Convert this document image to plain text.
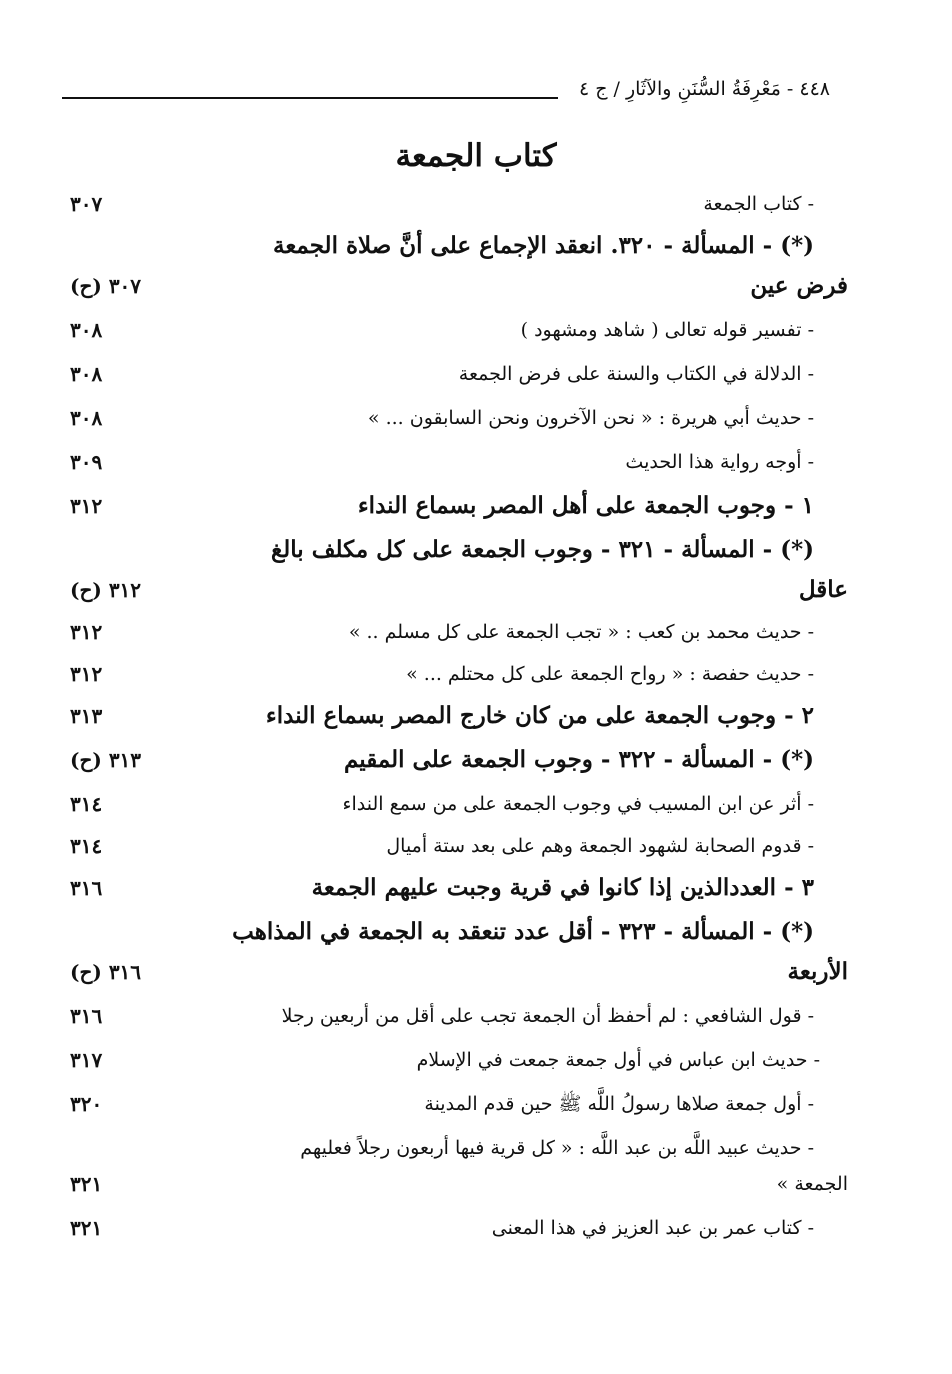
٤٤٨ - مَعْرِفَةُ السُّنَنِ والآثَارِ / ج ٤
كتاب الجمعة
- كتاب الجمعة
٣٠٧
(*) - المسألة - ٣٢٠. انعقد الإجماع على أنَّ صلاة الجمعة
فرض عين
٣٠٧ (ح)
- تفسير قوله تعالى ( شاهد ومشهود )
٣٠٨
- الدلالة في الكتاب والسنة على فرض الجمعة
٣٠٨
- حديث أبي هريرة : « نحن الآخرون ونحن السابقون ... »
٣٠٨
- أوجه رواية هذا الحديث
٣٠٩
١ - وجوب الجمعة على أهل المصر بسماع النداء
٣١٢
(*) - المسألة - ٣٢١ - وجوب الجمعة على كل مكلف بالغ
عاقل
٣١٢ (ح)
- حديث محمد بن كعب : « تجب الجمعة على كل مسلم .. »
٣١٢
- حديث حفصة : « رواح الجمعة على كل محتلم ... »
٣١٢
٢ - وجوب الجمعة على من كان خارج المصر بسماع النداء
٣١٣
(*) - المسألة - ٣٢٢ - وجوب الجمعة على المقيم
٣١٣ (ح)
- أثر عن ابن المسيب في وجوب الجمعة على من سمع النداء
٣١٤
- قدوم الصحابة لشهود الجمعة وهم على بعد ستة أميال
٣١٤
٣ - العددالذين إذا كانوا في قرية وجبت عليهم الجمعة
٣١٦
(*) - المسألة - ٣٢٣ - أقل عدد تنعقد به الجمعة في المذاهب
الأربعة
٣١٦ (ح)
- قول الشافعي : لم أحفظ أن الجمعة تجب على أقل من أربعين رجلا
٣١٦
- حديث ابن عباس في أول جمعة جمعت في الإسلام
٣١٧
- أول جمعة صلاها رسولُ اللَّه ﷺ حين قدم المدينة
٣٢٠
- حديث عبيد اللَّه بن عبد اللَّه : « كل قرية فيها أربعون رجلاً فعليهم
الجمعة »
٣٢١
- كتاب عمر بن عبد العزيز في هذا المعنى
٣٢١
